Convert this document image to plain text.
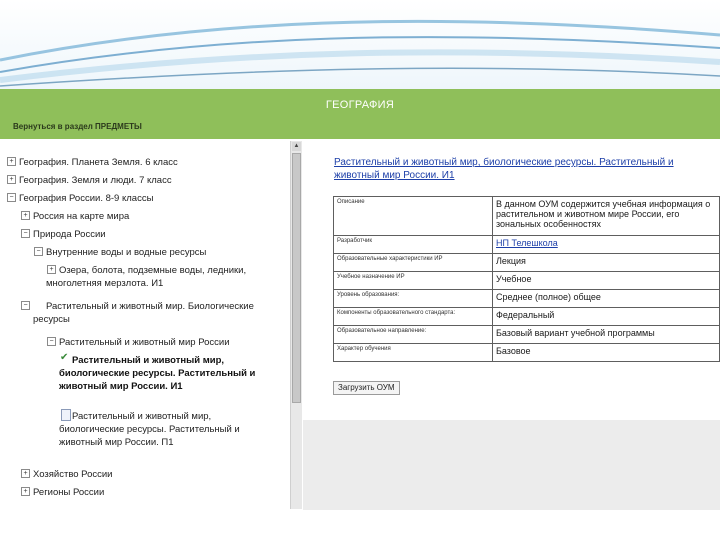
ГЕОГРАФИЯ
Вернуться в раздел ПРЕДМЕТЫ
+ География. Планета Земля. 6 класс
+ География. Земля и люди. 7 класс
− География России. 8-9 классы
+ Россия на карте мира
− Природа России
− Внутренние воды и водные ресурсы
+ Озера, болота, подземные воды, ледники, многолетняя мерзлота. И1
−	Растительный и животный мир. Биологические ресурсы
− Растительный и животный мир России
✔ Растительный и животный мир, биологические ресурсы. Растительный и животный мир России. И1
Растительный и животный мир, биологические ресурсы. Растительный и животный мир России. П1
+ Хозяйство России
+ Регионы России
▲
Растительный и животный мир, биологические ресурсы. Растительный и животный мир России. И1
Описание	В данном ОУМ содержится учебная информация о растительном и животном мире России, его зональных особенностях
Разработчик	НП Телешкола
Образовательные характеристики ИР	Лекция
Учебное назначение ИР	Учебное
Уровень образования:	Среднее (полное) общее
Компоненты образовательного стандарта:	Федеральный
Образовательное направление:	Базовый вариант учебной программы
Характер обучения	Базовое
Загрузить ОУМ
